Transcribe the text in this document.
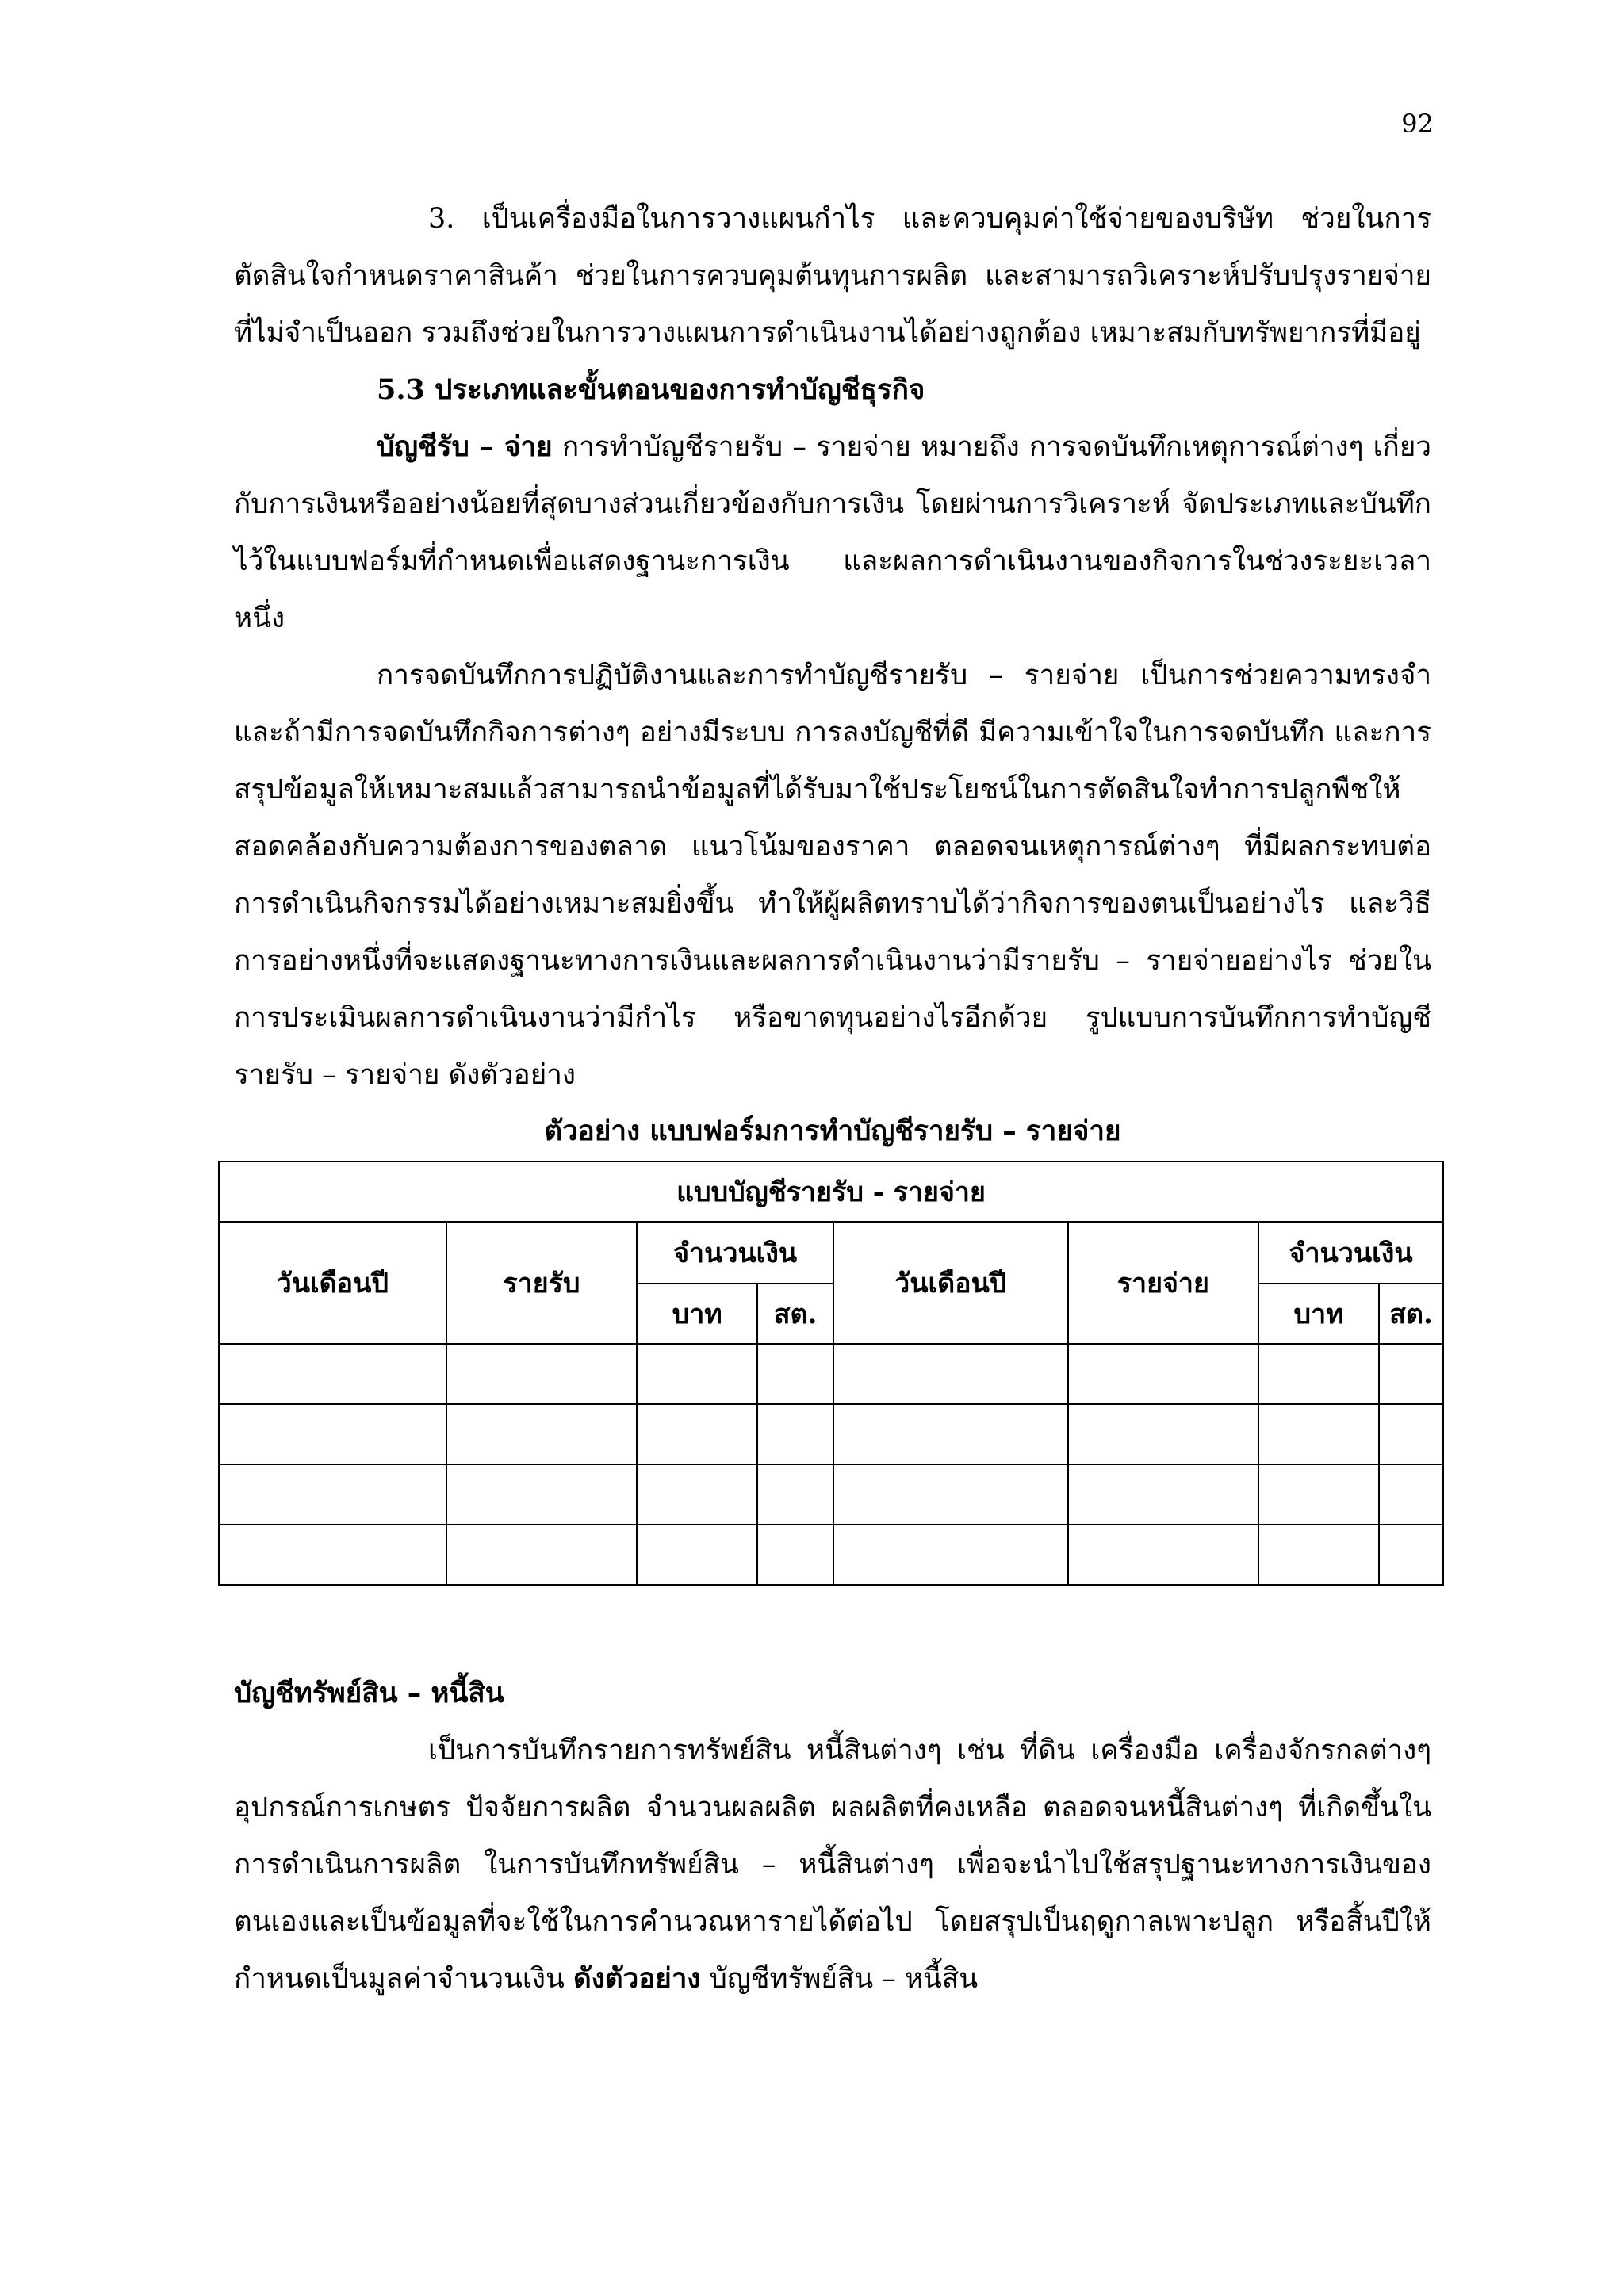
92

3. เป็นเครื่องมือในการวางแผนกำไร และควบคุมค่าใช้จ่ายของบริษัท ช่วยในการตัดสินใจกำหนดราคาสินค้า ช่วยในการควบคุมต้นทุนการผลิต และสามารถวิเคราะห์ปรับปรุงรายจ่ายที่ไม่จำเป็นออก รวมถึงช่วยในการวางแผนการดำเนินงานได้อย่างถูกต้อง เหมาะสมกับทรัพยากรที่มีอยู่

5.3 ประเภทและขั้นตอนของการทำบัญชีธุรกิจ

บัญชีรับ – จ่าย การทำบัญชีรายรับ – รายจ่าย หมายถึง การจดบันทึกเหตุการณ์ต่างๆ เกี่ยวกับการเงินหรืออย่างน้อยที่สุดบางส่วนเกี่ยวข้องกับการเงิน โดยผ่านการวิเคราะห์ จัดประเภทและบันทึกไว้ในแบบฟอร์มที่กำหนดเพื่อแสดงฐานะการเงิน และผลการดำเนินงานของกิจการในช่วงระยะเวลาหนึ่ง

การจดบันทึกการปฏิบัติงานและการทำบัญชีรายรับ – รายจ่าย เป็นการช่วยความทรงจำ และถ้ามีการจดบันทึกกิจการต่างๆ อย่างมีระบบ การลงบัญชีที่ดี มีความเข้าใจในการจดบันทึก และการสรุปข้อมูลให้เหมาะสมแล้วสามารถนำข้อมูลที่ได้รับมาใช้ประโยชน์ในการตัดสินใจทำการปลูกพืชให้สอดคล้องกับความต้องการของตลาด แนวโน้มของราคา ตลอดจนเหตุการณ์ต่างๆ ที่มีผลกระทบต่อการดำเนินกิจกรรมได้อย่างเหมาะสมยิ่งขึ้น ทำให้ผู้ผลิตทราบได้ว่ากิจการของตนเป็นอย่างไร และวิธีการอย่างหนึ่งที่จะแสดงฐานะทางการเงินและผลการดำเนินงานว่ามีรายรับ – รายจ่ายอย่างไร ช่วยในการประเมินผลการดำเนินงานว่ามีกำไร หรือขาดทุนอย่างไรอีกด้วย รูปแบบการบันทึกการทำบัญชีรายรับ – รายจ่าย ดังตัวอย่าง

ตัวอย่าง แบบฟอร์มการทำบัญชีรายรับ – รายจ่าย
แบบบัญชีรายรับ - รายจ่าย							
วันเดือนปี	รายรับ	จำนวนเงิน		วันเดือนปี	รายจ่าย	จำนวนเงิน	
		บาท	สต.			บาท	สต.

บัญชีทรัพย์สิน – หนี้สิน

เป็นการบันทึกรายการทรัพย์สิน หนี้สินต่างๆ เช่น ที่ดิน เครื่องมือ เครื่องจักรกลต่างๆ อุปกรณ์การเกษตร ปัจจัยการผลิต จำนวนผลผลิต ผลผลิตที่คงเหลือ ตลอดจนหนี้สินต่างๆ ที่เกิดขึ้นในการดำเนินการผลิต ในการบันทึกทรัพย์สิน – หนี้สินต่างๆ เพื่อจะนำไปใช้สรุปฐานะทางการเงินของตนเองและเป็นข้อมูลที่จะใช้ในการคำนวณหารายได้ต่อไป โดยสรุปเป็นฤดูกาลเพาะปลูก หรือสิ้นปีให้กำหนดเป็นมูลค่าจำนวนเงิน ดังตัวอย่าง บัญชีทรัพย์สิน – หนี้สิน
